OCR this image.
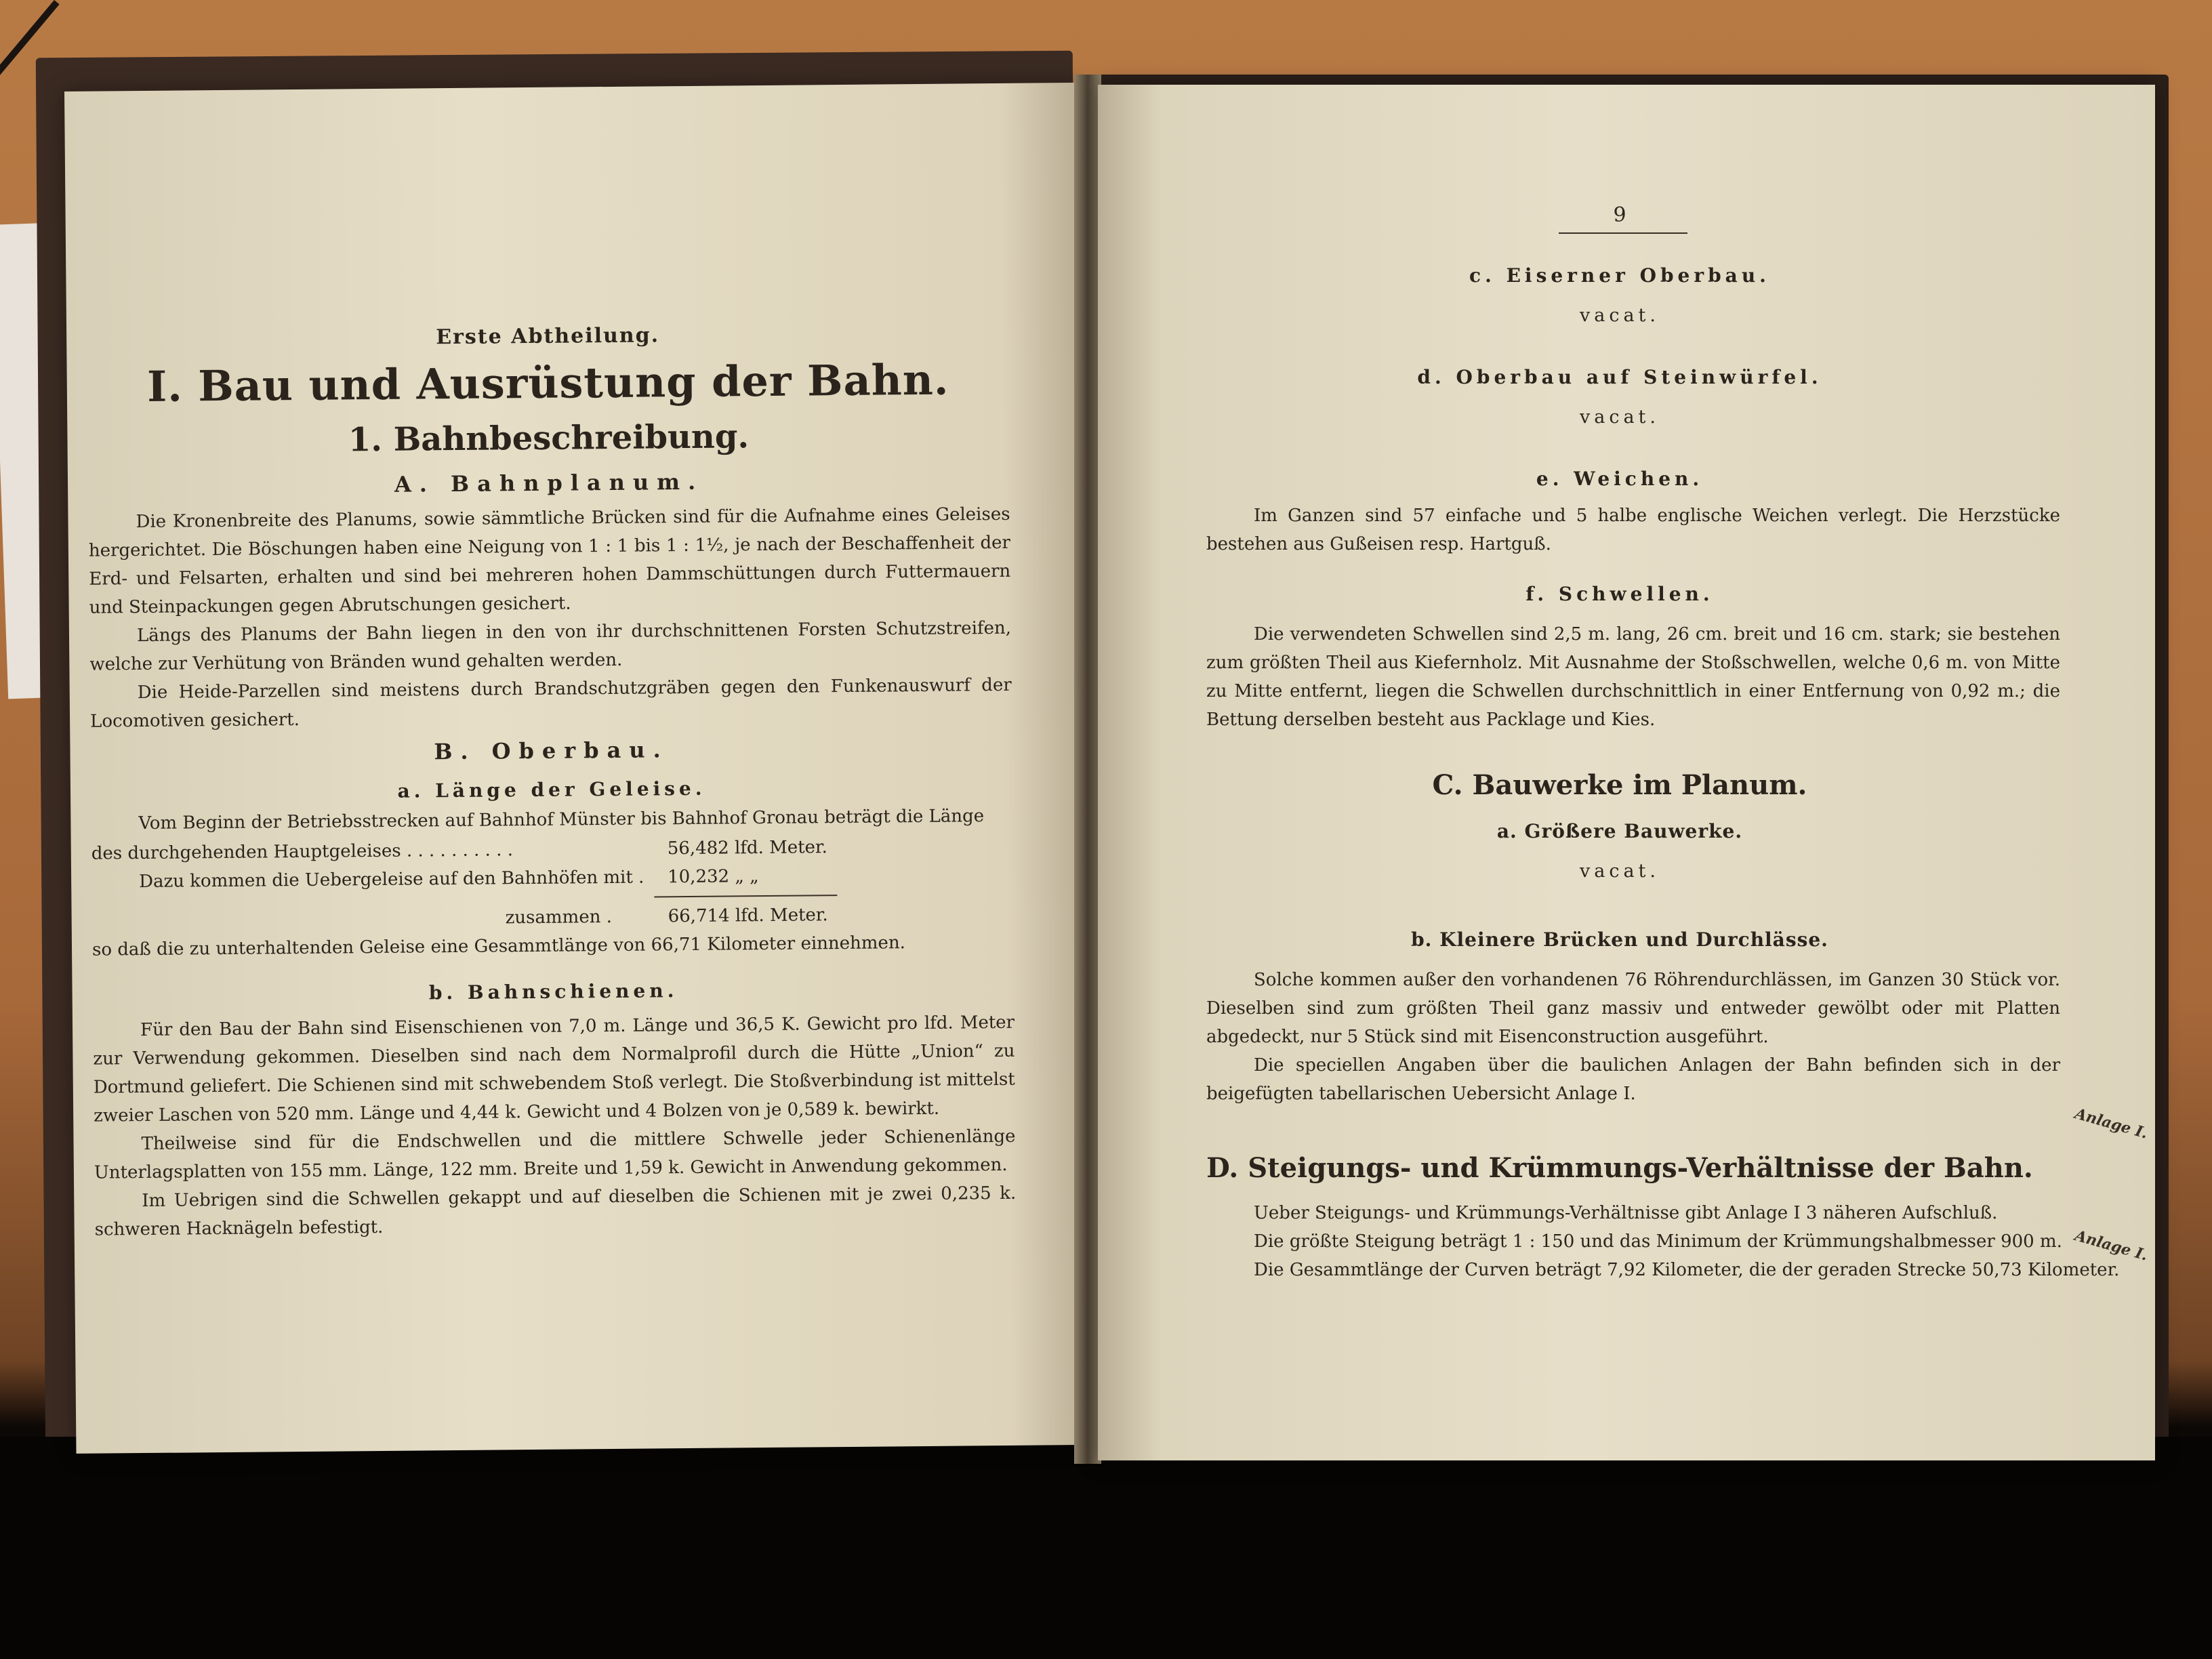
Erste Abtheilung.
I. Bau und Ausrüstung der Bahn.
1. Bahnbeschreibung.
A. Bahnplanum.

Die Kronenbreite des Planums, sowie sämmtliche Brücken sind für die Aufnahme eines Geleises hergerichtet. Die Böschungen haben eine Neigung von 1 : 1 bis 1 : 1½, je nach der Beschaffenheit der Erd- und Felsarten, erhalten und sind bei mehreren hohen Dammschüttungen durch Futtermauern und Steinpackungen gegen Abrutschungen gesichert.

Längs des Planums der Bahn liegen in den von ihr durchschnittenen Forsten Schutzstreifen, welche zur Verhütung von Bränden wund gehalten werden.

Die Heide-Parzellen sind meistens durch Brandschutzgräben gegen den Funkenauswurf der Locomotiven gesichert.

B. Oberbau.
a. Länge der Geleise.
Vom Beginn der Betriebsstrecken auf Bahnhof Münster bis Bahnhof Gronau beträgt die Länge
des durchgehenden Hauptgeleises . . . . . . . . . .	56,482 lfd. Meter.
Dazu kommen die Uebergeleise auf den Bahnhöfen mit . 10,232 „ „
zusammen .	66,714 lfd. Meter.
so daß die zu unterhaltenden Geleise eine Gesammtlänge von 66,71 Kilometer einnehmen.
b. Bahnschienen.

Für den Bau der Bahn sind Eisenschienen von 7,0 m. Länge und 36,5 K. Gewicht pro lfd. Meter zur Verwendung gekommen. Dieselben sind nach dem Normalprofil durch die Hütte „Union“ zu Dortmund geliefert. Die Schienen sind mit schwebendem Stoß verlegt. Die Stoßverbindung ist mittelst zweier Laschen von 520 mm. Länge und 4,44 k. Gewicht und 4 Bolzen von je 0,589 k. bewirkt.

Theilweise sind für die Endschwellen und die mittlere Schwelle jeder Schienenlänge Unterlagsplatten von 155 mm. Länge, 122 mm. Breite und 1,59 k. Gewicht in Anwendung gekommen.

Im Uebrigen sind die Schwellen gekappt und auf dieselben die Schienen mit je zwei 0,235 k. schweren Hacknägeln befestigt.

9
c. Eiserner Oberbau.
vacat.
d. Oberbau auf Steinwürfel.
vacat.
e. Weichen.

Im Ganzen sind 57 einfache und 5 halbe englische Weichen verlegt. Die Herzstücke bestehen aus Gußeisen resp. Hartguß.

f. Schwellen.

Die verwendeten Schwellen sind 2,5 m. lang, 26 cm. breit und 16 cm. stark; sie bestehen zum größten Theil aus Kiefernholz. Mit Ausnahme der Stoßschwellen, welche 0,6 m. von Mitte zu Mitte entfernt, liegen die Schwellen durchschnittlich in einer Entfernung von 0,92 m.; die Bettung derselben besteht aus Packlage und Kies.

C. Bauwerke im Planum.
a. Größere Bauwerke.
vacat.
b. Kleinere Brücken und Durchlässe.

Solche kommen außer den vorhandenen 76 Röhrendurchlässen, im Ganzen 30 Stück vor. Dieselben sind zum größten Theil ganz massiv und entweder gewölbt oder mit Platten abgedeckt, nur 5 Stück sind mit Eisenconstruction ausgeführt.

Die speciellen Angaben über die baulichen Anlagen der Bahn befinden sich in der beigefügten tabellarischen Uebersicht Anlage I.

Anlage I.
D. Steigungs- und Krümmungs-Verhältnisse der Bahn.
Ueber Steigungs- und Krümmungs-Verhältnisse gibt Anlage I 3 näheren Aufschluß.
Die größte Steigung beträgt 1 : 150 und das Minimum der Krümmungshalbmesser 900 m.
Die Gesammtlänge der Curven beträgt 7,92 Kilometer, die der geraden Strecke 50,73 Kilometer.
Anlage I.
